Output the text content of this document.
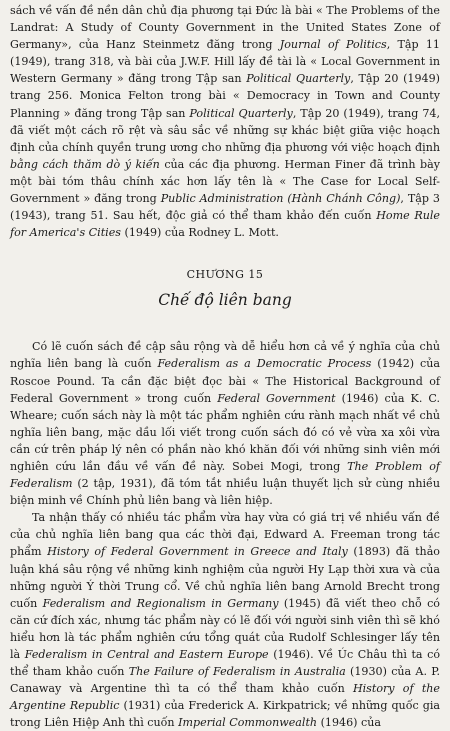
sách về vấn đề nền dân chủ địa phương tại Đức là bài « The Problems of the Landrat: A Study of County Government in the United States Zone of Germany», của Hanz Steinmetz đăng trong Journal of Politics, Tập 11 (1949), trang 318, và bài của J.W.F. Hill lấy đề tài là « Local Government in Western Germany » đăng trong Tập san Political Quarterly, Tập 20 (1949) trang 256. Monica Felton trong bài « Democracy in Town and County Planning » đăng trong Tập san Political Quarterly, Tập 20 (1949), trang 74, đã viết một cách rõ rệt và sâu sắc về những sự khác biệt giữa việc hoạch định của chính quyền trung ương cho những địa phương với việc hoạch định bằng cách thăm dò ý kiến của các địa phương. Herman Finer đã trình bày một bài tóm thâu chính xác hơn lấy tên là « The Case for Local Self-Government » đăng trong Public Administration (Hành Chánh Công), Tập 3 (1943), trang 51. Sau hết, độc giả có thể tham khảo đến cuốn Home Rule for America's Cities (1949) của Rodney L. Mott.

CHƯƠNG 15
Chế độ liên bang

Có lẽ cuốn sách đề cập sâu rộng và dễ hiểu hơn cả về ý nghĩa của chủ nghĩa liên bang là cuốn Federalism as a Democratic Process (1942) của Roscoe Pound. Ta cần đặc biệt đọc bài « The Historical Background of Federal Government » trong cuốn Federal Government (1946) của K. C. Wheare; cuốn sách này là một tác phẩm nghiên cứu rành mạch nhất về chủ nghĩa liên bang, mặc dầu lối viết trong cuốn sách đó có vẻ vừa xa xôi vừa cần cứ trên pháp lý nên có phần nào khó khăn đối với những sinh viên mới nghiên cứu lần đầu về vấn đề này. Sobei Mogi, trong The Problem of Federalism (2 tập, 1931), đã tóm tắt nhiều luận thuyết lịch sử cùng nhiều biện minh về Chính phủ liên bang và liên hiệp.

Ta nhận thấy có nhiều tác phẩm vừa hay vừa có giá trị về nhiều vấn đề của chủ nghĩa liên bang qua các thời đại, Edward A. Freeman trong tác phẩm History of Federal Government in Greece and Italy (1893) đã thảo luận khá sâu rộng về những kinh nghiệm của người Hy Lạp thời xưa và của những người Ý thời Trung cổ. Về chủ nghĩa liên bang Arnold Brecht trong cuốn Federalism and Regionalism in Germany (1945) đã viết theo chỗ có căn cứ đích xác, nhưng tác phẩm này có lẽ đối với người sinh viên thì sẽ khó hiểu hơn là tác phẩm nghiên cứu tổng quát của Rudolf Schlesinger lấy tên là Federalism in Central and Eastern Europe (1946). Về Úc Châu thì ta có thể tham khảo cuốn The Failure of Federalism in Australia (1930) của A. P. Canaway và Argentine thì ta có thể tham khảo cuốn History of the Argentine Republic (1931) của Frederick A. Kirkpatrick; về những quốc gia trong Liên Hiệp Anh thì cuốn Imperial Commonwealth (1946) của
